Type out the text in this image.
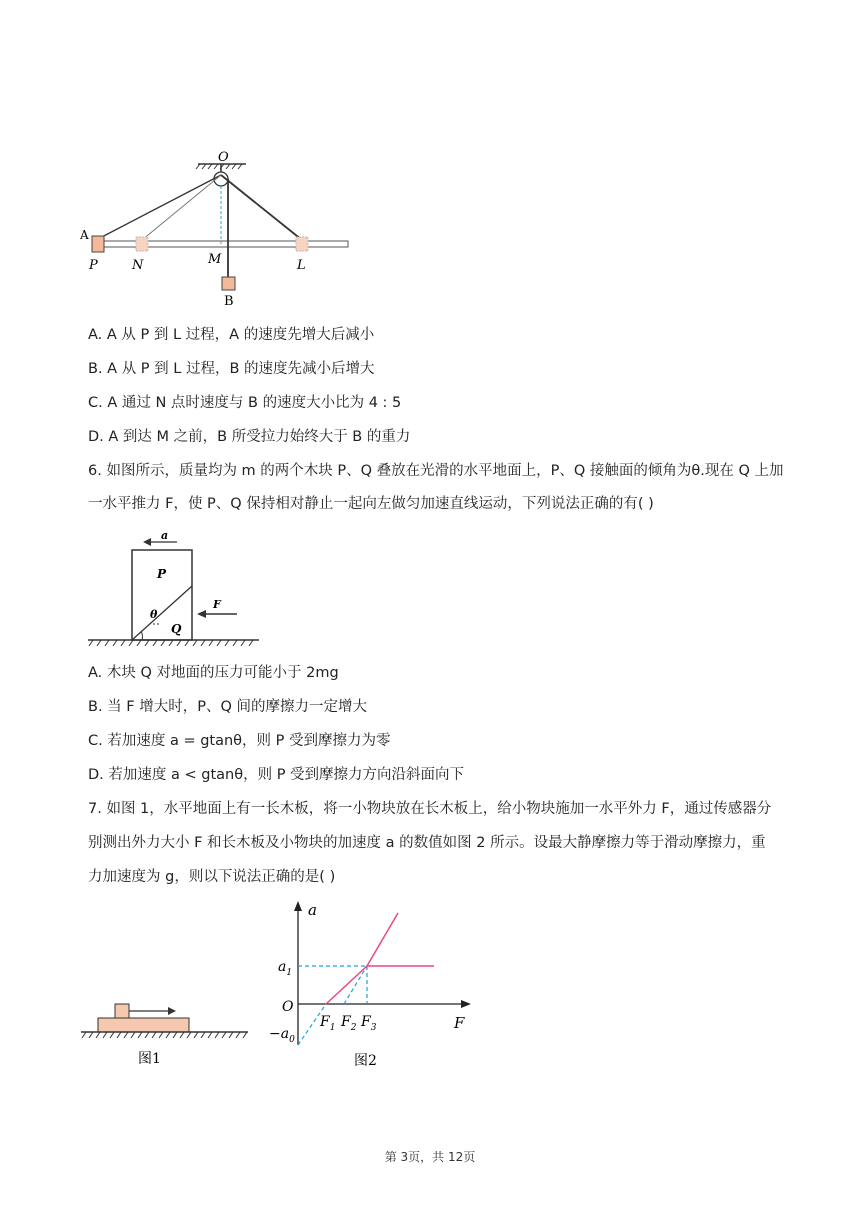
O
A
P	N	M	L
B
A. A 从 P 到 L 过程，A 的速度先增大后减小
B. A 从 P 到 L 过程，B 的速度先减小后增大
C. A 通过 N 点时速度与 B 的速度大小比为 4 : 5
D. A 到达 M 之前，B 所受拉力始终大于 B 的重力
6. 如图所示，质量均为 m 的两个木块 P、Q 叠放在光滑的水平地面上，P、Q 接触面的倾角为θ.现在 Q 上加
一水平推力 F，使 P、Q 保持相对静止一起向左做匀加速直线运动，下列说法正确的有( )
a
P
θ
Q
F
A. 木块 Q 对地面的压力可能小于 2mg
B. 当 F 增大时，P、Q 间的摩擦力一定增大
C. 若加速度 a = gtanθ，则 P 受到摩擦力为零
D. 若加速度 a < gtanθ，则 P 受到摩擦力方向沿斜面向下
7. 如图 1，水平地面上有一长木板，将一小物块放在长木板上，给小物块施加一水平外力 F，通过传感器分
别测出外力大小 F 和长木板及小物块的加速度 a 的数值如图 2 所示。设最大静摩擦力等于滑动摩擦力，重
力加速度为 g，则以下说法正确的是( )
图1
a
$a_1$
O
$-a_0$
$F_1$ $F_2$ $F_3$	F
图2
第 3页，共 12页
